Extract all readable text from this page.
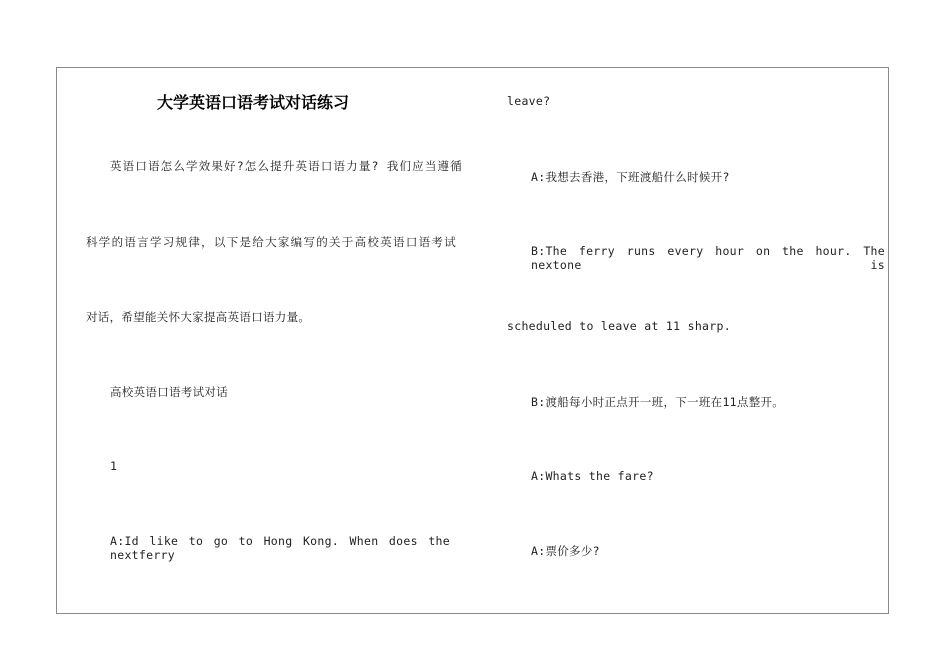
大学英语口语考试对话练习
英语口语怎么学效果好?怎么提升英语口语力量? 我们应当遵循
科学的语言学习规律，以下是给大家编写的关于高校英语口语考试
对话，希望能关怀大家提高英语口语力量。
高校英语口语考试对话
1
A:Id like to go to Hong Kong. When does the nextferry
leave?
A:我想去香港，下班渡船什么时候开?
B:The ferry runs every hour on the hour. The nextone is
scheduled to leave at 11 sharp.
B:渡船每小时正点开一班，下一班在11点整开。
A:Whats the fare?
A:票价多少?
